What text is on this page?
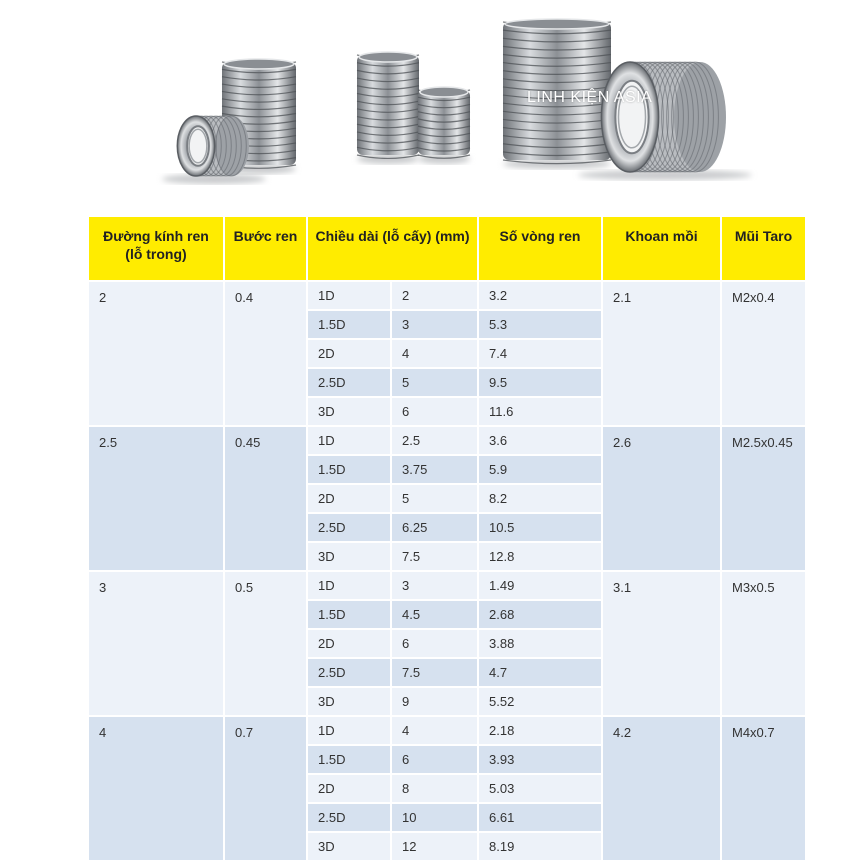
LINH KIỆN ASIA
Đường kính ren (lỗ trong)	Bước ren	Chiều dài (lỗ cấy) (mm)		Số vòng ren	Khoan mồi	Mũi Taro
2	0.4	1D	2	3.2	2.1	M2x0.4
		1.5D	3	5.3		
		2D	4	7.4		
		2.5D	5	9.5		
		3D	6	11.6		
2.5	0.45	1D	2.5	3.6	2.6	M2.5x0.45
		1.5D	3.75	5.9		
		2D	5	8.2		
		2.5D	6.25	10.5		
		3D	7.5	12.8		
3	0.5	1D	3	1.49	3.1	M3x0.5
		1.5D	4.5	2.68		
		2D	6	3.88		
		2.5D	7.5	4.7		
		3D	9	5.52		
4	0.7	1D	4	2.18	4.2	M4x0.7
		1.5D	6	3.93		
		2D	8	5.03		
		2.5D	10	6.61		
		3D	12	8.19		
